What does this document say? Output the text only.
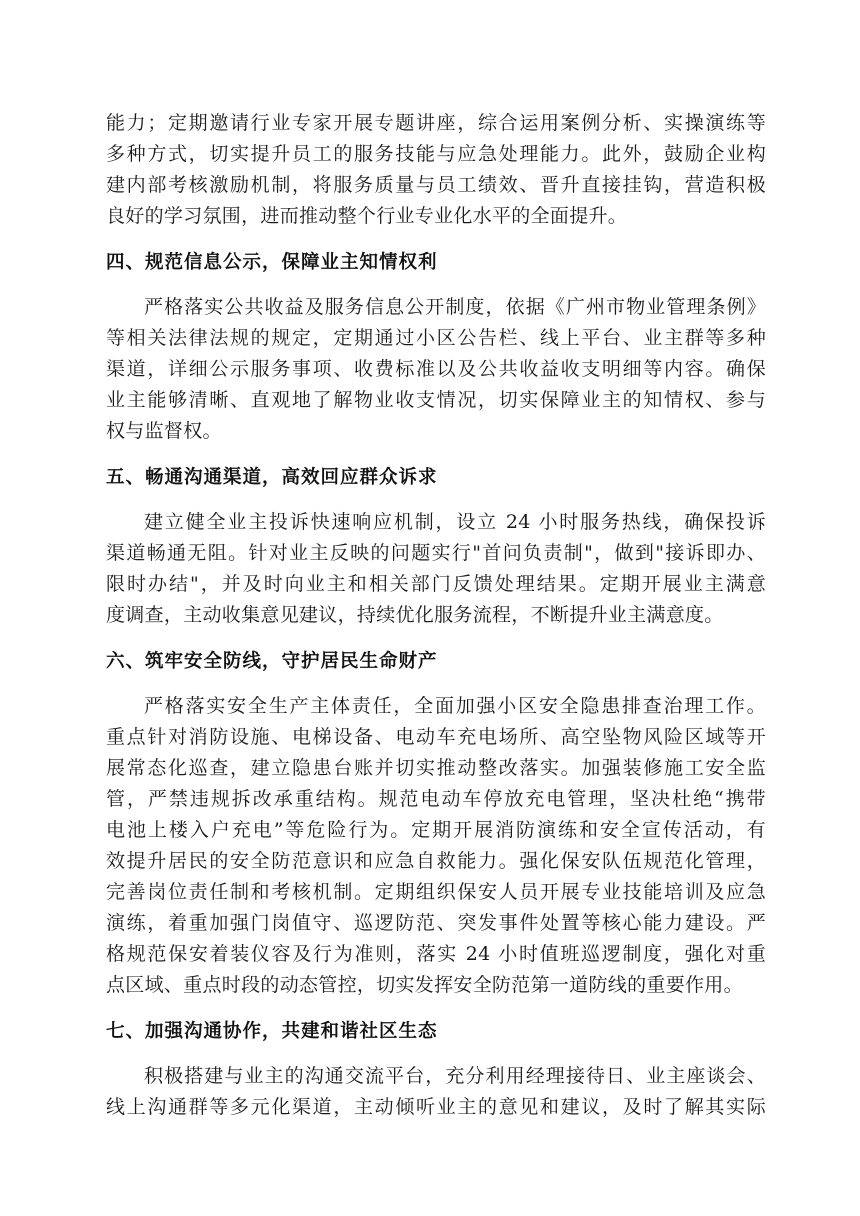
能力；定期邀请行业专家开展专题讲座，综合运用案例分析、实操演练等
多种方式，切实提升员工的服务技能与应急处理能力。此外，鼓励企业构
建内部考核激励机制，将服务质量与员工绩效、晋升直接挂钩，营造积极
良好的学习氛围，进而推动整个行业专业化水平的全面提升。

四、规范信息公示，保障业主知情权利

严格落实公共收益及服务信息公开制度，依据《广州市物业管理条例》
等相关法律法规的规定，定期通过小区公告栏、线上平台、业主群等多种
渠道，详细公示服务事项、收费标准以及公共收益收支明细等内容。确保
业主能够清晰、直观地了解物业收支情况，切实保障业主的知情权、参与
权与监督权。

五、畅通沟通渠道，高效回应群众诉求

建立健全业主投诉快速响应机制，设立 24 小时服务热线，确保投诉
渠道畅通无阻。针对业主反映的问题实行"首问负责制"，做到"接诉即办、
限时办结"，并及时向业主和相关部门反馈处理结果。定期开展业主满意
度调查，主动收集意见建议，持续优化服务流程，不断提升业主满意度。

六、筑牢安全防线，守护居民生命财产

严格落实安全生产主体责任，全面加强小区安全隐患排查治理工作。
重点针对消防设施、电梯设备、电动车充电场所、高空坠物风险区域等开
展常态化巡查，建立隐患台账并切实推动整改落实。加强装修施工安全监
管，严禁违规拆改承重结构。规范电动车停放充电管理，坚决杜绝“携带
电池上楼入户充电”等危险行为。定期开展消防演练和安全宣传活动，有
效提升居民的安全防范意识和应急自救能力。强化保安队伍规范化管理，
完善岗位责任制和考核机制。定期组织保安人员开展专业技能培训及应急
演练，着重加强门岗值守、巡逻防范、突发事件处置等核心能力建设。严
格规范保安着装仪容及行为准则，落实 24 小时值班巡逻制度，强化对重
点区域、重点时段的动态管控，切实发挥安全防范第一道防线的重要作用。

七、加强沟通协作，共建和谐社区生态

积极搭建与业主的沟通交流平台，充分利用经理接待日、业主座谈会、
线上沟通群等多元化渠道，主动倾听业主的意见和建议，及时了解其实际
